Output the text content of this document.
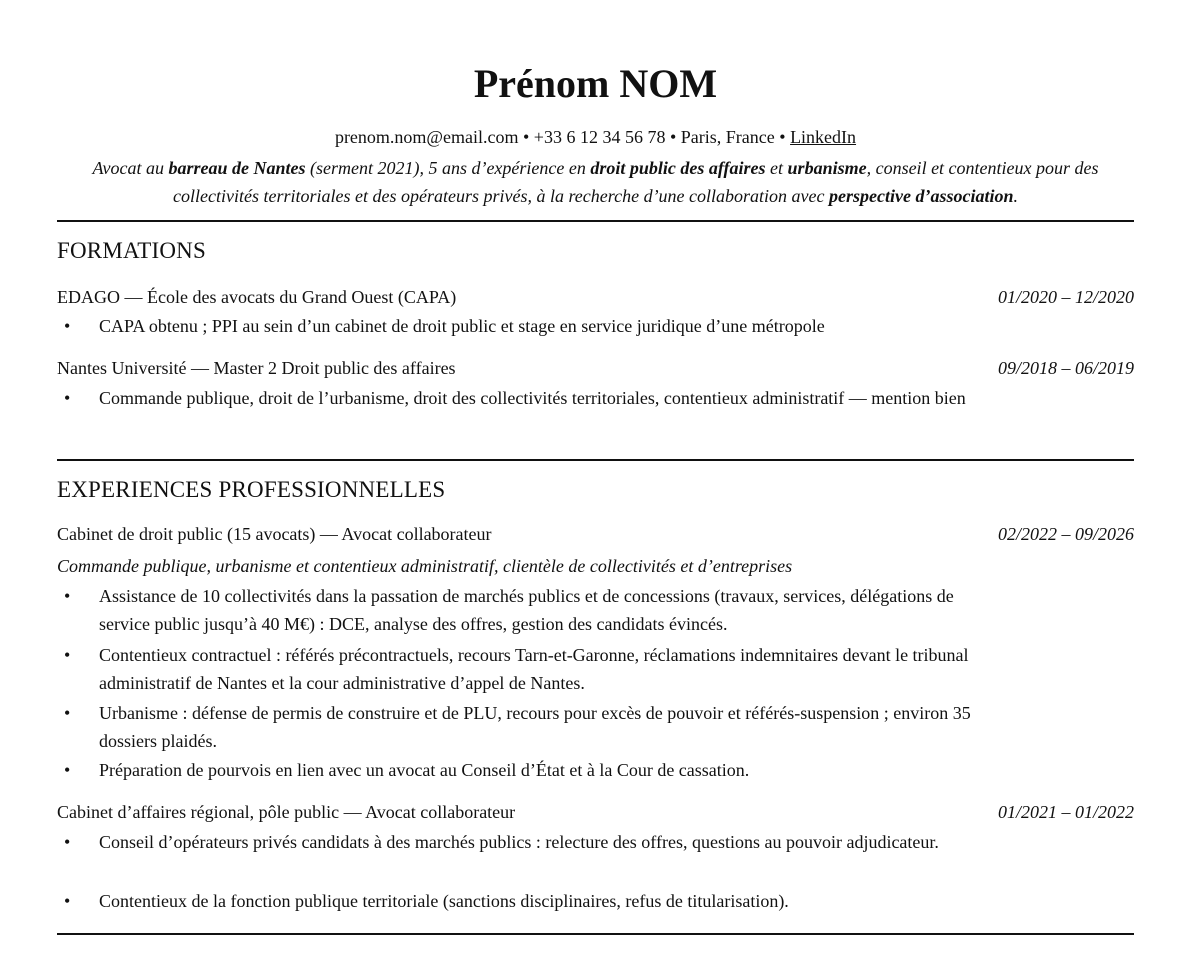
Prénom NOM
prenom.nom@email.com • +33 6 12 34 56 78 • Paris, France • LinkedIn
Avocat au barreau de Nantes (serment 2021), 5 ans d’expérience en droit public des affaires et urbanisme, conseil et contentieux pour des collectivités territoriales et des opérateurs privés, à la recherche d’une collaboration avec perspective d’association.
FORMATIONS
EDAGO — École des avocats du Grand Ouest (CAPA)	01/2020 – 12/2020
• CAPA obtenu ; PPI au sein d’un cabinet de droit public et stage en service juridique d’une métropole
Nantes Université — Master 2 Droit public des affaires	09/2018 – 06/2019
• Commande publique, droit de l’urbanisme, droit des collectivités territoriales, contentieux administratif — mention bien
EXPERIENCES PROFESSIONNELLES
Cabinet de droit public (15 avocats) — Avocat collaborateur	02/2022 – 09/2026
Commande publique, urbanisme et contentieux administratif, clientèle de collectivités et d’entreprises
• Assistance de 10 collectivités dans la passation de marchés publics et de concessions (travaux, services, délégations de service public jusqu’à 40 M€) : DCE, analyse des offres, gestion des candidats évincés.
• Contentieux contractuel : référés précontractuels, recours Tarn-et-Garonne, réclamations indemnitaires devant le tribunal administratif de Nantes et la cour administrative d’appel de Nantes.
• Urbanisme : défense de permis de construire et de PLU, recours pour excès de pouvoir et référés-suspension ; environ 35 dossiers plaidés.
• Préparation de pourvois en lien avec un avocat au Conseil d’État et à la Cour de cassation.
Cabinet d’affaires régional, pôle public — Avocat collaborateur	01/2021 – 01/2022
• Conseil d’opérateurs privés candidats à des marchés publics : relecture des offres, questions au pouvoir adjudicateur.
• Contentieux de la fonction publique territoriale (sanctions disciplinaires, refus de titularisation).
